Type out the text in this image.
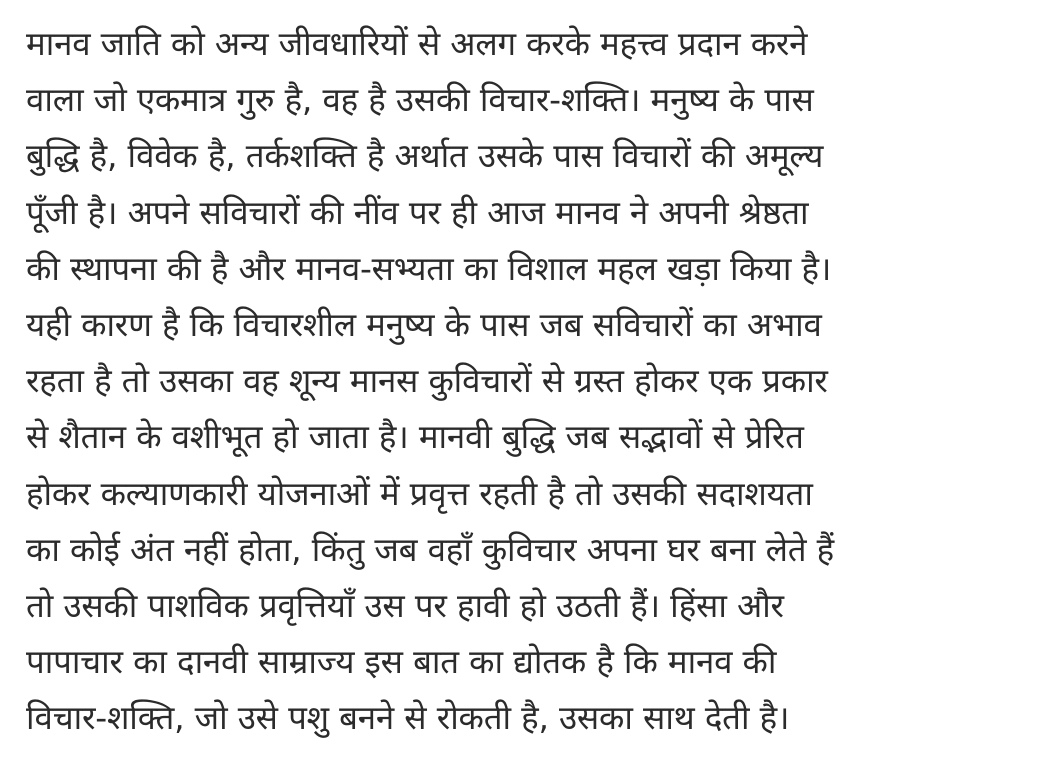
मानव जाति को अन्य जीवधारियों से अलग करके महत्त्व प्रदान करने
वाला जो एकमात्र गुरु है, वह है उसकी विचार-शक्ति। मनुष्य के पास
बुद्धि है, विवेक है, तर्कशक्ति है अर्थात उसके पास विचारों की अमूल्य
पूँजी है। अपने सविचारों की नींव पर ही आज मानव ने अपनी श्रेष्ठता
की स्थापना की है और मानव-सभ्यता का विशाल महल खड़ा किया है।
यही कारण है कि विचारशील मनुष्य के पास जब सविचारों का अभाव
रहता है तो उसका वह शून्य मानस कुविचारों से ग्रस्त होकर एक प्रकार
से शैतान के वशीभूत हो जाता है। मानवी बुद्धि जब सद्भावों से प्रेरित
होकर कल्याणकारी योजनाओं में प्रवृत्त रहती है तो उसकी सदाशयता
का कोई अंत नहीं होता, किंतु जब वहाँ कुविचार अपना घर बना लेते हैं
तो उसकी पाशविक प्रवृत्तियाँ उस पर हावी हो उठती हैं। हिंसा और
पापाचार का दानवी साम्राज्य इस बात का द्योतक है कि मानव की
विचार-शक्ति, जो उसे पशु बनने से रोकती है, उसका साथ देती है।
